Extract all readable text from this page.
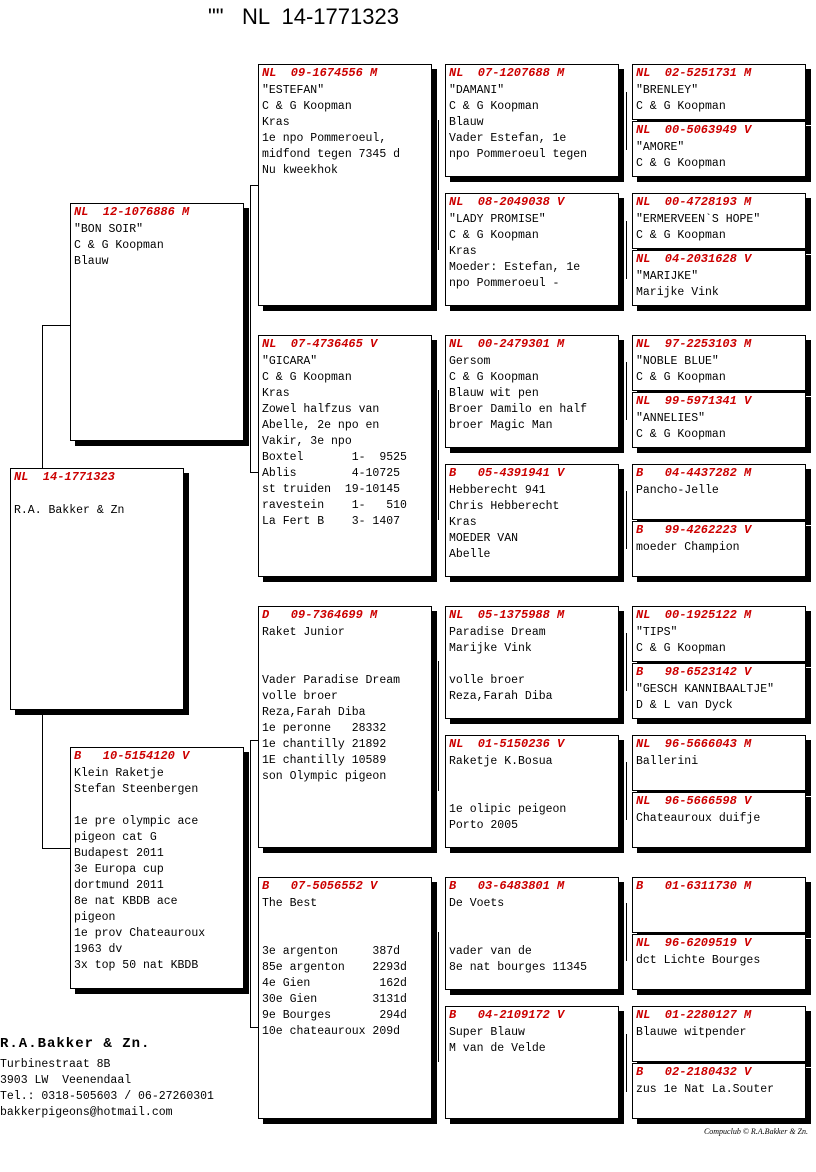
""   NL  14-1771323
NL  14-1771323
R.A. Bakker & Zn
NL  12-1076886 M
"BON SOIR"
C & G Koopman
Blauw
B   10-5154120 V
Klein Raketje
Stefan Steenbergen
1e pre olympic ace
pigeon cat G
Budapest 2011
3e Europa cup
dortmund 2011
8e nat KBDB ace
pigeon
1e prov Chateauroux
1963 dv
3x top 50 nat KBDB
NL  09-1674556 M
"ESTEFAN"
C & G Koopman
Kras
1e npo Pommeroeul,
midfond tegen 7345 d
Nu kweekhok
NL  07-4736465 V
"GICARA"
C & G Koopman
Kras
Zowel halfzus van
Abelle, 2e npo en
Vakir, 3e npo
Boxtel       1-  9525
Ablis        4-10725
st truiden  19-10145
ravestein    1-   510
La Fert B    3- 1407
D   09-7364699 M
Raket Junior
Vader Paradise Dream
volle broer
Reza,Farah Diba
1e peronne   28332
1e chantilly 21892
1E chantilly 10589
son Olympic pigeon
B   07-5056552 V
The Best
3e argenton     387d
85e argenton    2293d
4e Gien          162d
30e Gien        3131d
9e Bourges       294d
10e chateauroux 209d
NL  07-1207688 M
"DAMANI"
C & G Koopman
Blauw
Vader Estefan, 1e
npo Pommeroeul tegen
NL  08-2049038 V
"LADY PROMISE"
C & G Koopman
Kras
Moeder: Estefan, 1e
npo Pommeroeul -
NL  00-2479301 M
Gersom
C & G Koopman
Blauw wit pen
Broer Damilo en half
broer Magic Man
B   05-4391941 V
Hebberecht 941
Chris Hebberecht
Kras
MOEDER VAN
Abelle
NL  05-1375988 M
Paradise Dream
Marijke Vink
volle broer
Reza,Farah Diba
NL  01-5150236 V
Raketje K.Bosua
1e olipic peigeon
Porto 2005
B   03-6483801 M
De Voets
vader van de
8e nat bourges 11345
B   04-2109172 V
Super Blauw
M van de Velde
NL  02-5251731 M
"BRENLEY"
C & G Koopman
NL  00-5063949 V
"AMORE"
C & G Koopman
NL  00-4728193 M
"ERMERVEEN`S HOPE"
C & G Koopman
NL  04-2031628 V
"MARIJKE"
Marijke Vink
NL  97-2253103 M
"NOBLE BLUE"
C & G Koopman
NL  99-5971341 V
"ANNELIES"
C & G Koopman
B   04-4437282 M
Pancho-Jelle
B   99-4262223 V
moeder Champion
NL  00-1925122 M
"TIPS"
C & G Koopman
B   98-6523142 V
"GESCH KANNIBAALTJE"
D & L van Dyck
NL  96-5666043 M
Ballerini
NL  96-5666598 V
Chateauroux duifje
B   01-6311730 M
NL  96-6209519 V
dct Lichte Bourges
NL  01-2280127 M
Blauwe witpender
B   02-2180432 V
zus 1e Nat La.Souter
R.A.Bakker & Zn.
Turbinestraat 8B
3903 LW  Veenendaal
Tel.: 0318-505603 / 06-27260301
bakkerpigeons@hotmail.com
Compuclub © R.A.Bakker & Zn.
